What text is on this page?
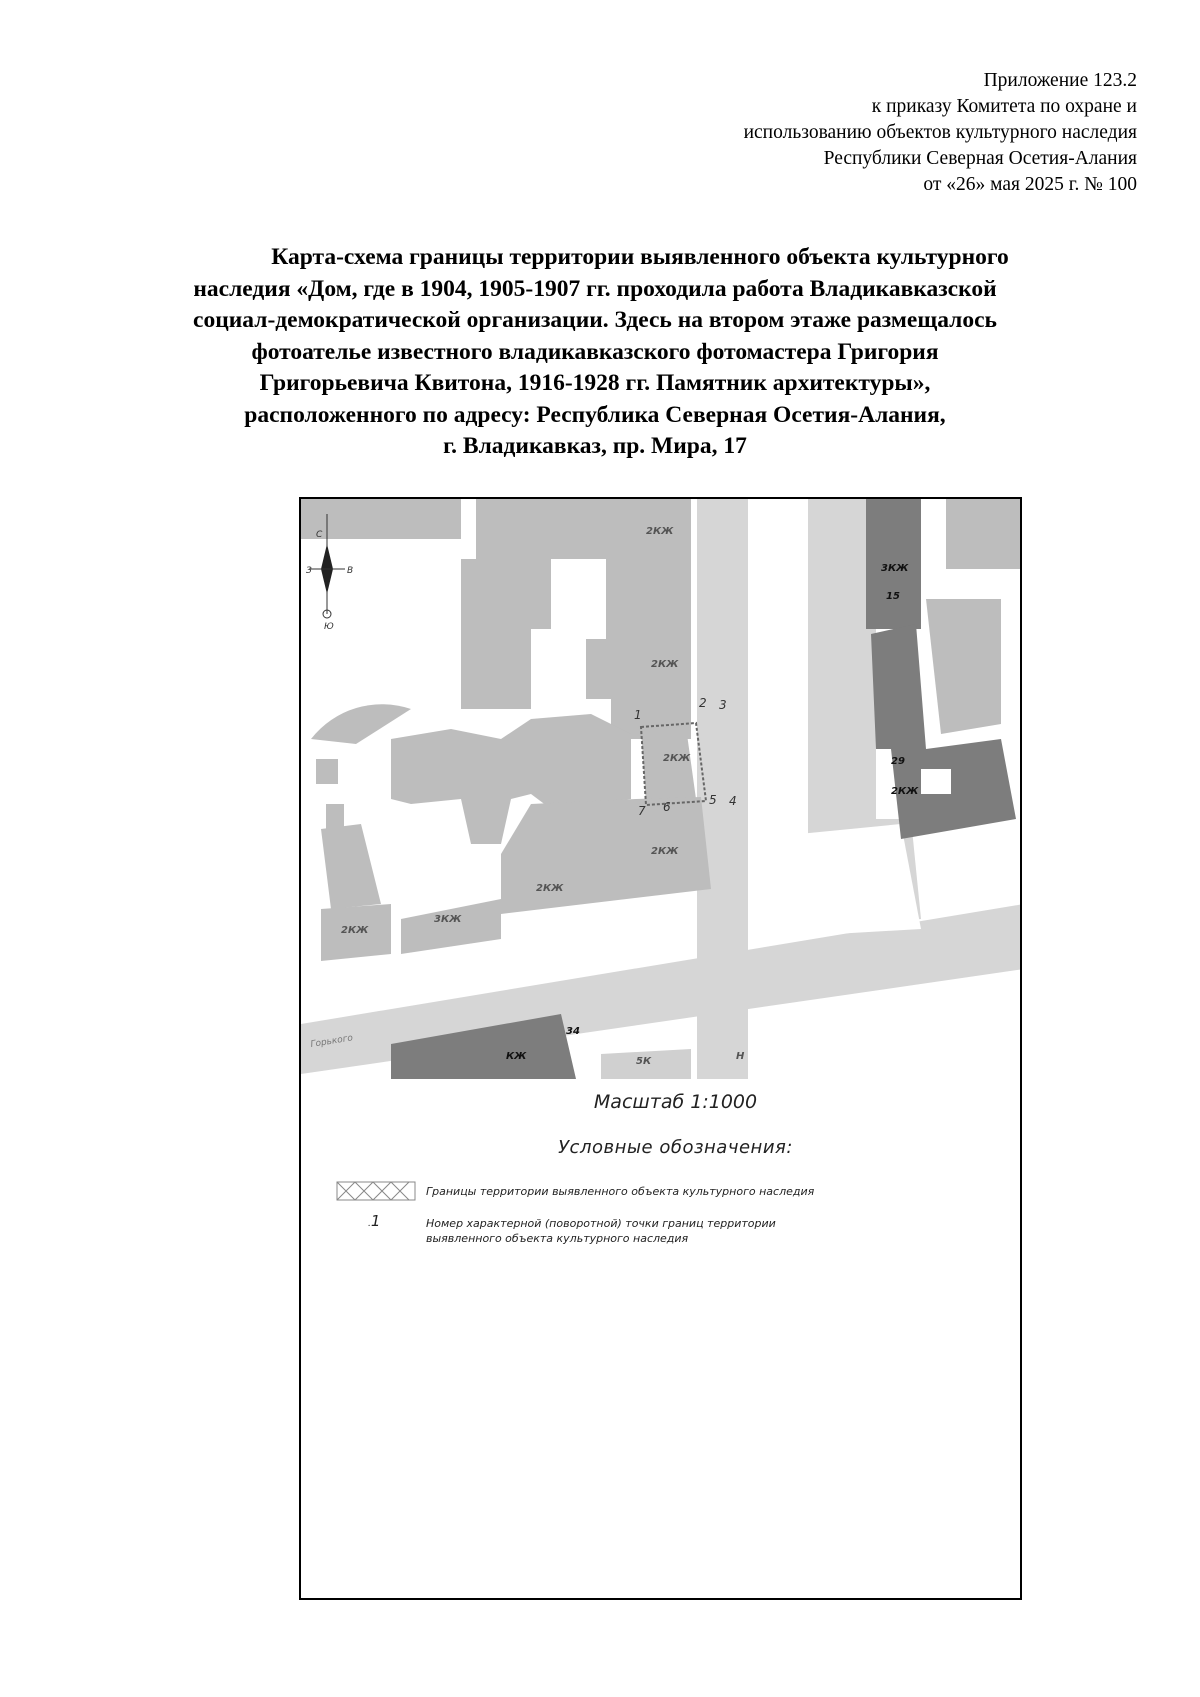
Приложение 123.2
к приказу Комитета по охране и
использованию объектов культурного наследия
Республики Северная Осетия-Алания
от «26» мая 2025 г. № 100
Карта-схема границы территории выявленного объекта культурного
наследия «Дом, где в 1904, 1905-1907 гг. проходила работа Владикавказской
социал-демократической организации. Здесь на втором этаже размещалось
фотоателье известного владикавказского фотомастера Григория
Григорьевича Квитона, 1916-1928 гг. Памятник архитектуры»,
расположенного по адресу: Республика Северная Осетия-Алания,
г. Владикавказ, пр. Мира, 17
С
З	В
Ю
2КЖ
2КЖ
2КЖ
2КЖ
2КЖ
3КЖ
2КЖ
3КЖ
15
29
2КЖ
КЖ
34
5К	Н
1
2 3
4
5
6
7
Горького
Масштаб 1:1000
Условные обозначения:
Границы территории выявленного объекта культурного наследия
.1	Номер характерной (поворотной) точки границ территории
выявленного объекта культурного наследия
